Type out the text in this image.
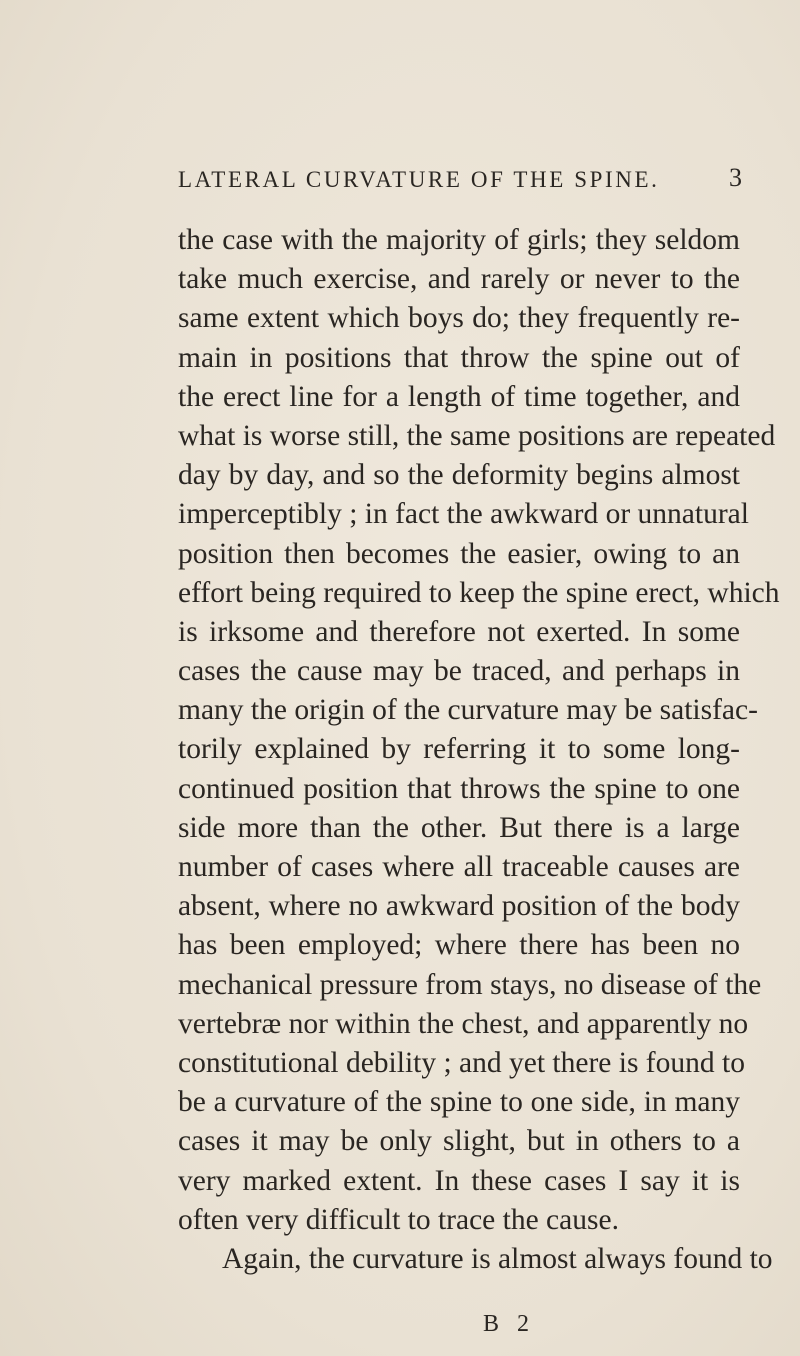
LATERAL CURVATURE OF THE SPINE.	3
the case with the majority of girls; they seldom
take much exercise, and rarely or never to the
same extent which boys do; they frequently re-
main in positions that throw the spine out of
the erect line for a length of time together, and
what is worse still, the same positions are repeated
day by day, and so the deformity begins almost
imperceptibly ; in fact the awkward or unnatural
position then becomes the easier, owing to an
effort being required to keep the spine erect, which
is irksome and therefore not exerted. In some
cases the cause may be traced, and perhaps in
many the origin of the curvature may be satisfac-
torily explained by referring it to some long-
continued position that throws the spine to one
side more than the other. But there is a large
number of cases where all traceable causes are
absent, where no awkward position of the body
has been employed; where there has been no
mechanical pressure from stays, no disease of the
vertebræ nor within the chest, and apparently no
constitutional debility ; and yet there is found to
be a curvature of the spine to one side, in many
cases it may be only slight, but in others to a
very marked extent. In these cases I say it is
often very difficult to trace the cause.
Again, the curvature is almost always found to
B 2
